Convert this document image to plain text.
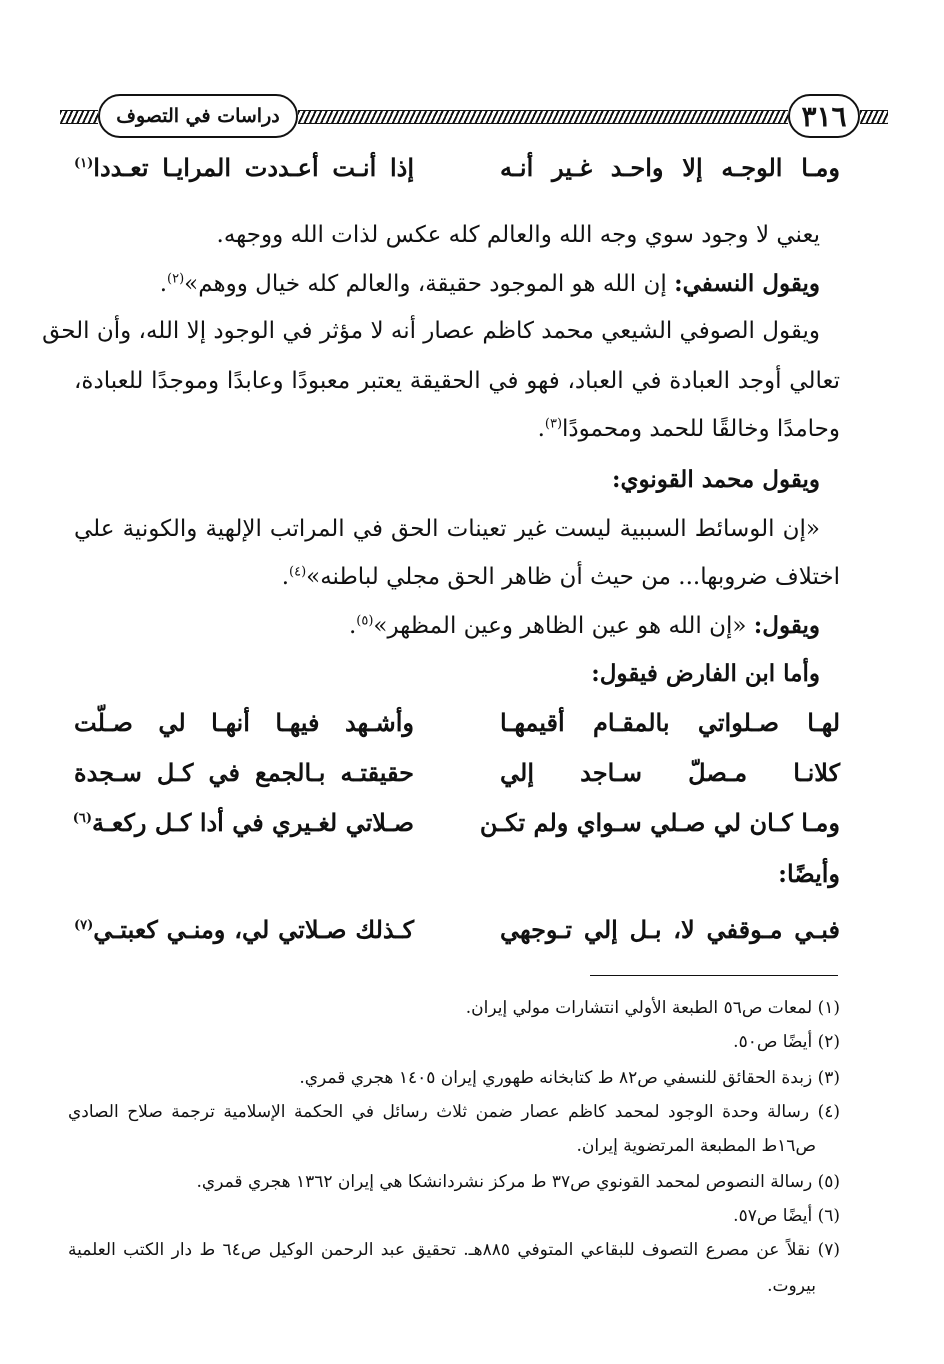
دراسات في التصوف	٣١٦
ومـا الوجـه إلا واحـد غـير أنـه
إذا أنـت أعـددت المرايـا تعـددا$^{(١)}$
يعني لا وجود سوي وجه الله والعالم كله عكس لذات الله ووجهه.
ويقول النسفي: إن الله هو الموجود حقيقة، والعالم كله خيال ووهم»$^{(٢)}$.
ويقول الصوفي الشيعي محمد كاظم عصار أنه لا مؤثر في الوجود إلا الله، وأن الحق
تعالي أوجد العبادة في العباد، فهو في الحقيقة يعتبر معبودًا وعابدًا وموجدًا للعبادة،
وحامدًا وخالقًا للحمد ومحمودًا$^{(٣)}$.
ويقول محمد القونوي:
«إن الوسائط السببية ليست غير تعينات الحق في المراتب الإلهية والكونية علي
اختلاف ضروبها... من حيث أن ظاهر الحق مجلي لباطنه»$^{(٤)}$.
ويقول: «إن الله هو عين الظاهر وعين المظهر»$^{(٥)}$.
وأما ابن الفارض فيقول:
لهـا صـلواتي بالمقـام أقيمهـا
وأشـهد فيهـا أنهـا لي صـلّت
كلانـا مـصلّ سـاجد إلي
حقيقتـه بـالجمع في كـل سـجدة
ومـا كـان لي صـلي سـواي ولم تكـن
صـلاتي لغـيري في أدا كـل ركعـة$^{(٦)}$
وأيضًا:
فبـي مـوقفي لا، بـل إلي تـوجهي
كـذلك صـلاتي لي، ومنـي كعبتـي$^{(٧)}$
(١) لمعات ص٥٦ الطبعة الأولي انتشارات مولي إيران.
(٢) أيضًا ص٥٠.
(٣) زبدة الحقائق للنسفي ص٨٢ ط كتابخانه طهوري إيران ١٤٠٥ هجري قمري.
(٤) رسالة وحدة الوجود لمحمد كاظم عصار ضمن ثلاث رسائل في الحكمة الإسلامية ترجمة صلاح الصادي
ص١٦ط المطبعة المرتضوية إيران.
(٥) رسالة النصوص لمحمد القونوي ص٣٧ ط مركز نشردانشكا هي إيران ١٣٦٢ هجري قمري.
(٦) أيضًا ص٥٧.
(٧) نقلاً عن مصرع التصوف للبقاعي المتوفي ٨٨٥هـ. تحقيق عبد الرحمن الوكيل ص٦٤ ط دار الكتب العلمية
بيروت.
